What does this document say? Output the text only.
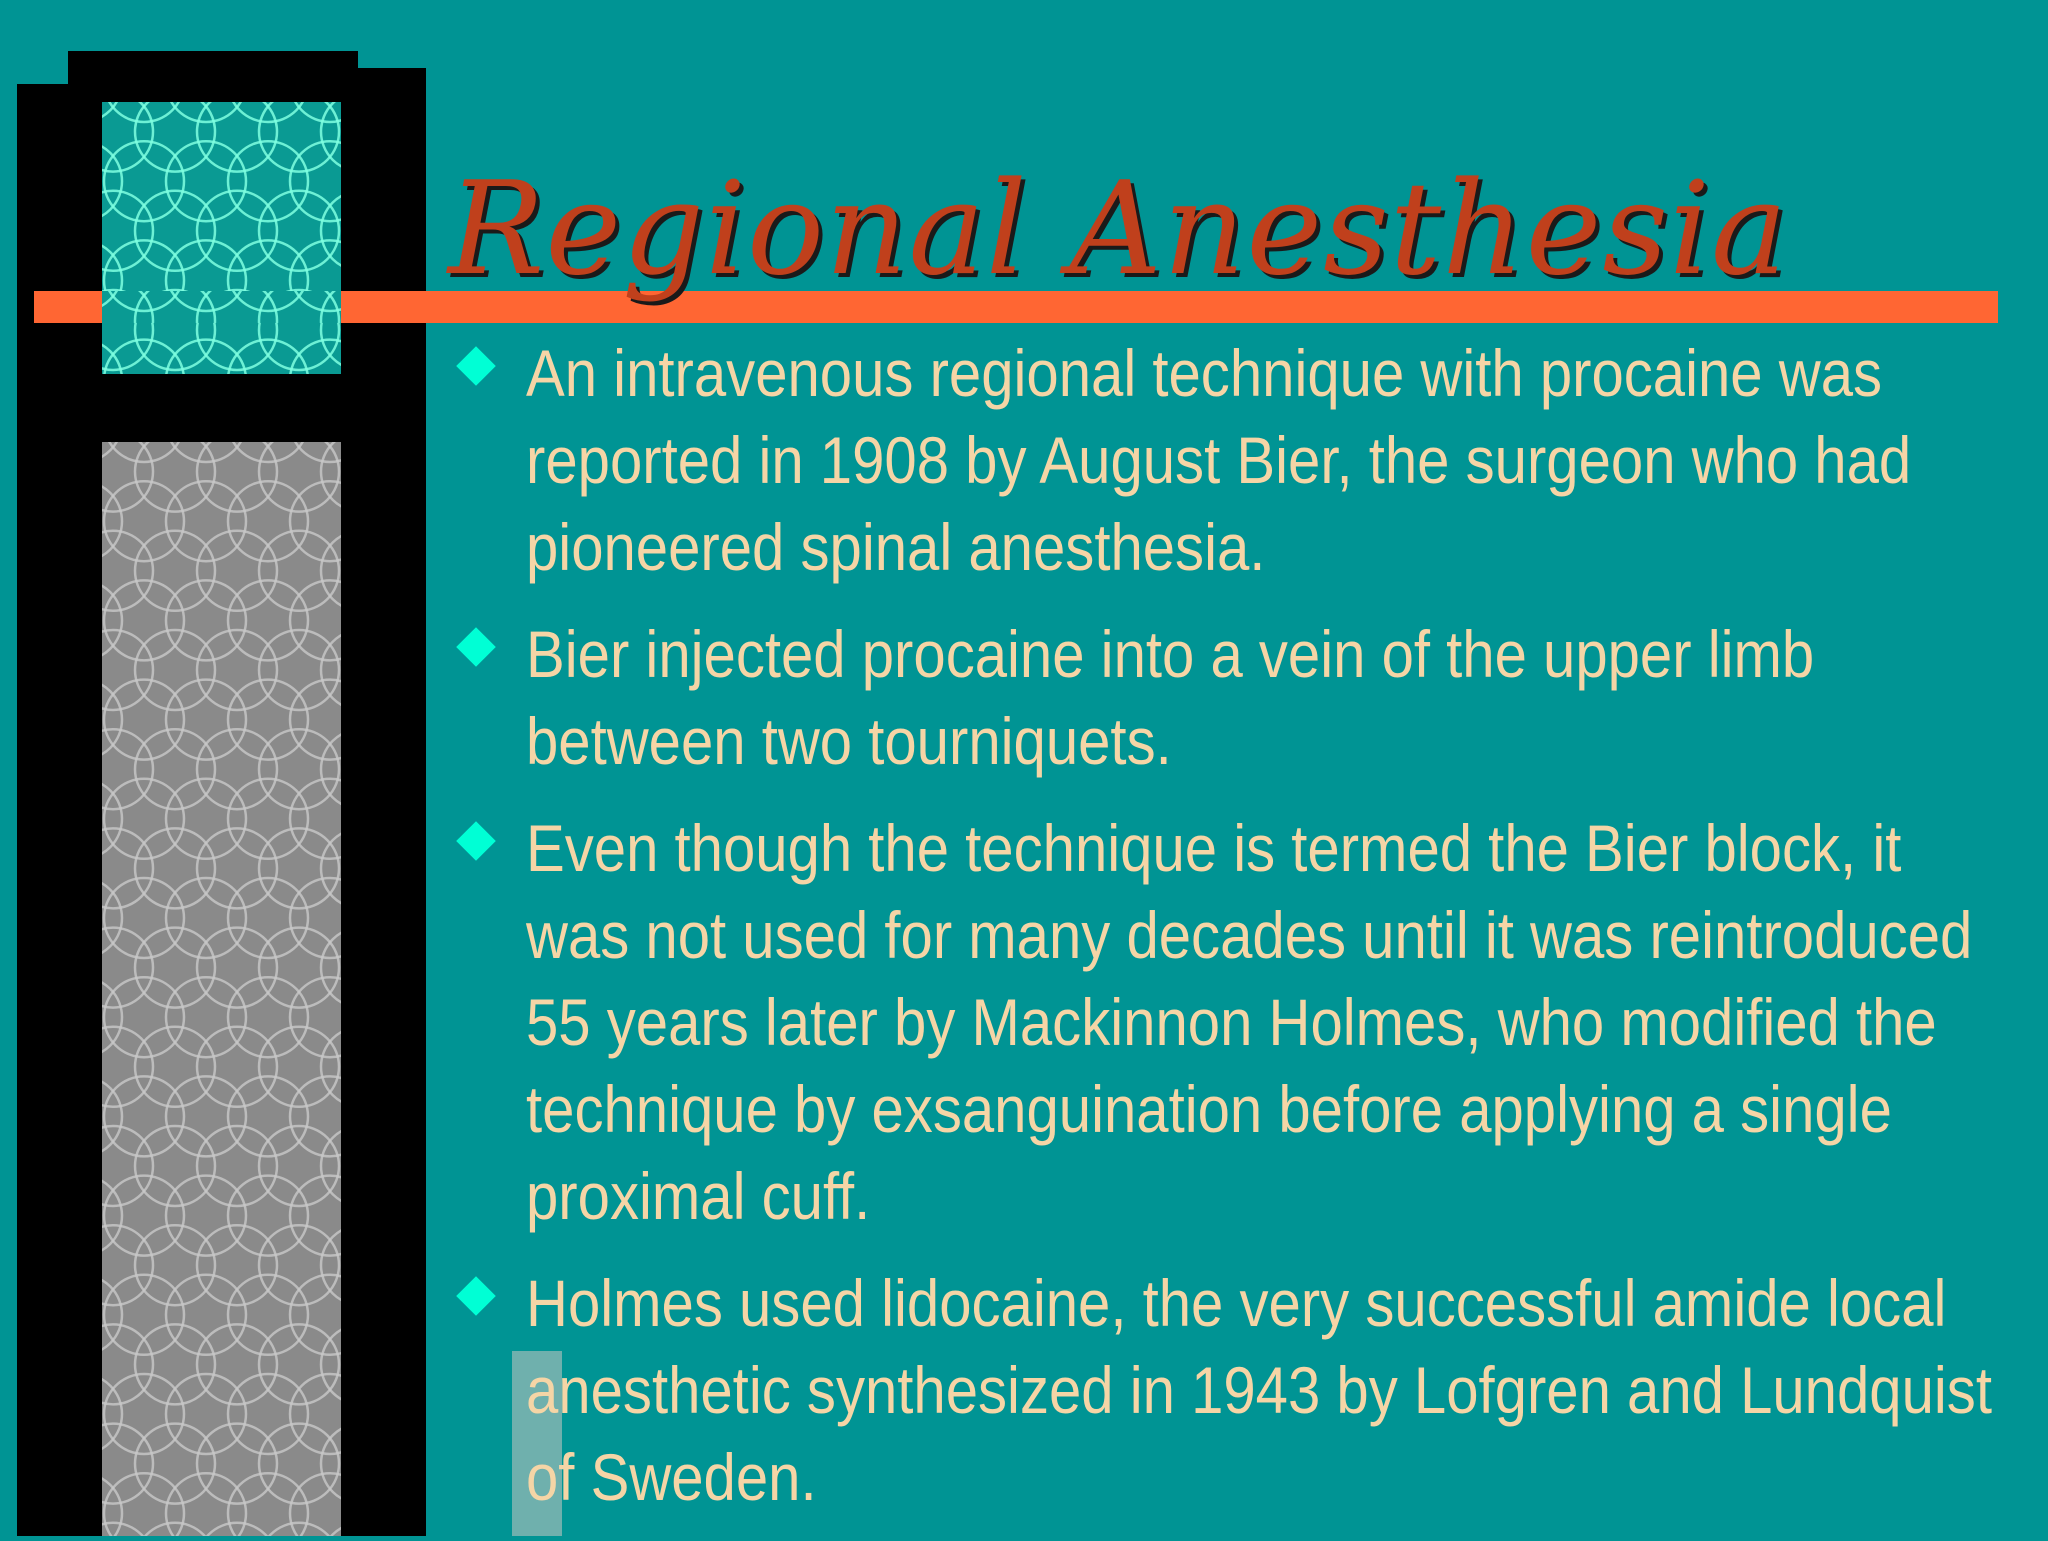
Regional Anesthesia
An intravenous regional technique with procaine was reported in 1908 by August Bier, the surgeon who had pioneered spinal anesthesia.
Bier injected procaine into a vein of the upper limb between two tourniquets.
Even though the technique is termed the Bier block, it was not used for many decades until it was reintroduced 55 years later by Mackinnon Holmes, who modified the technique by exsanguination before applying a single proximal cuff.
Holmes used lidocaine, the very successful amide local anesthetic synthesized in 1943 by Lofgren and Lundquist of Sweden.
